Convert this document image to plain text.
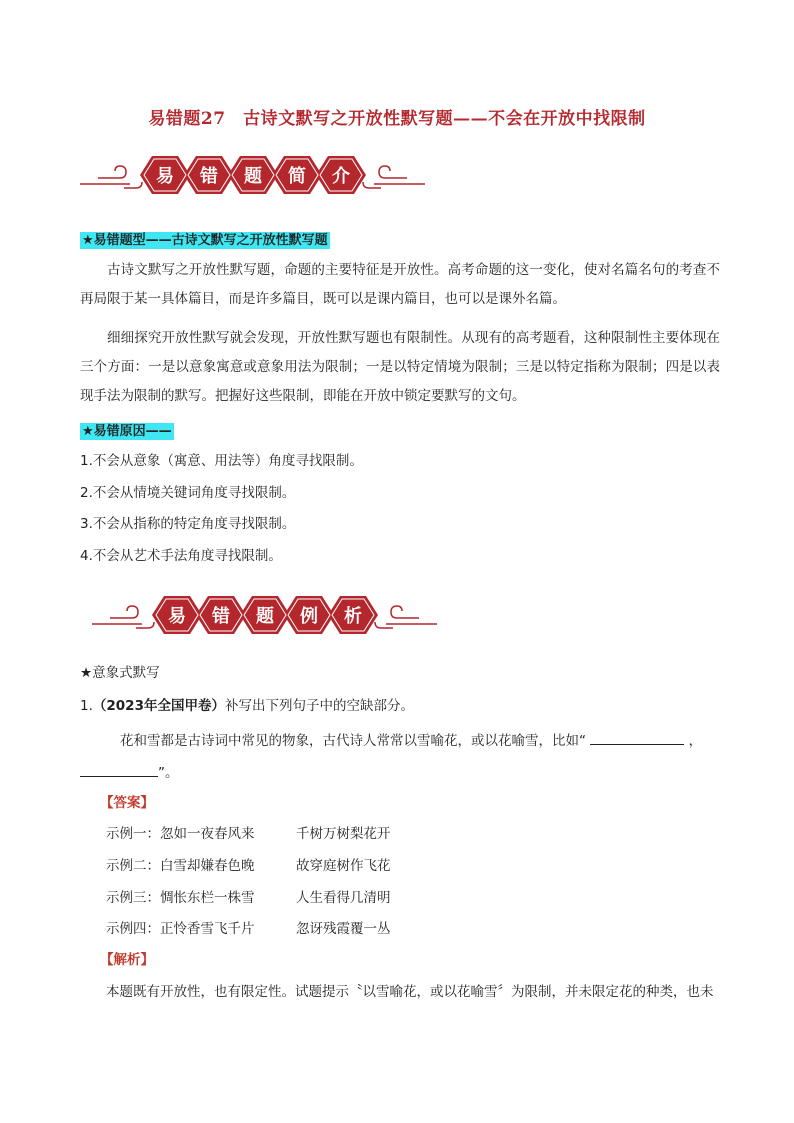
易错题27　古诗文默写之开放性默写题——不会在开放中找限制
易 错 题 简 介
★易错题型——古诗文默写之开放性默写题
古诗文默写之开放性默写题，命题的主要特征是开放性。高考命题的这一变化，使对名篇名句的考查不再局限于某一具体篇目，而是许多篇目，既可以是课内篇目，也可以是课外名篇。
细细探究开放性默写就会发现，开放性默写题也有限制性。从现有的高考题看，这种限制性主要体现在三个方面：一是以意象寓意或意象用法为限制；一是以特定情境为限制；三是以特定指称为限制；四是以表现手法为限制的默写。把握好这些限制，即能在开放中锁定要默写的文句。
★易错原因——
1.不会从意象（寓意、用法等）角度寻找限制。
2.不会从情境关键词角度寻找限制。
3.不会从指称的特定角度寻找限制。
4.不会从艺术手法角度寻找限制。
易 错 题 例 析
★意象式默写
1.（2023年全国甲卷）补写出下列句子中的空缺部分。
花和雪都是古诗词中常见的物象，古代诗人常常以雪喻花，或以花喻雪，比如“	，
”。
【答案】
示例一：忽如一夜春风来	千树万树梨花开
示例二：白雪却嫌春色晚	故穿庭树作飞花
示例三：惆怅东栏一株雪	人生看得几清明
示例四：正怜香雪飞千片	忽讶残霞覆一丛
【解析】
本题既有开放性，也有限定性。试题提示〝以雪喻花，或以花喻雪〞为限制，并未限定花的种类，也未
